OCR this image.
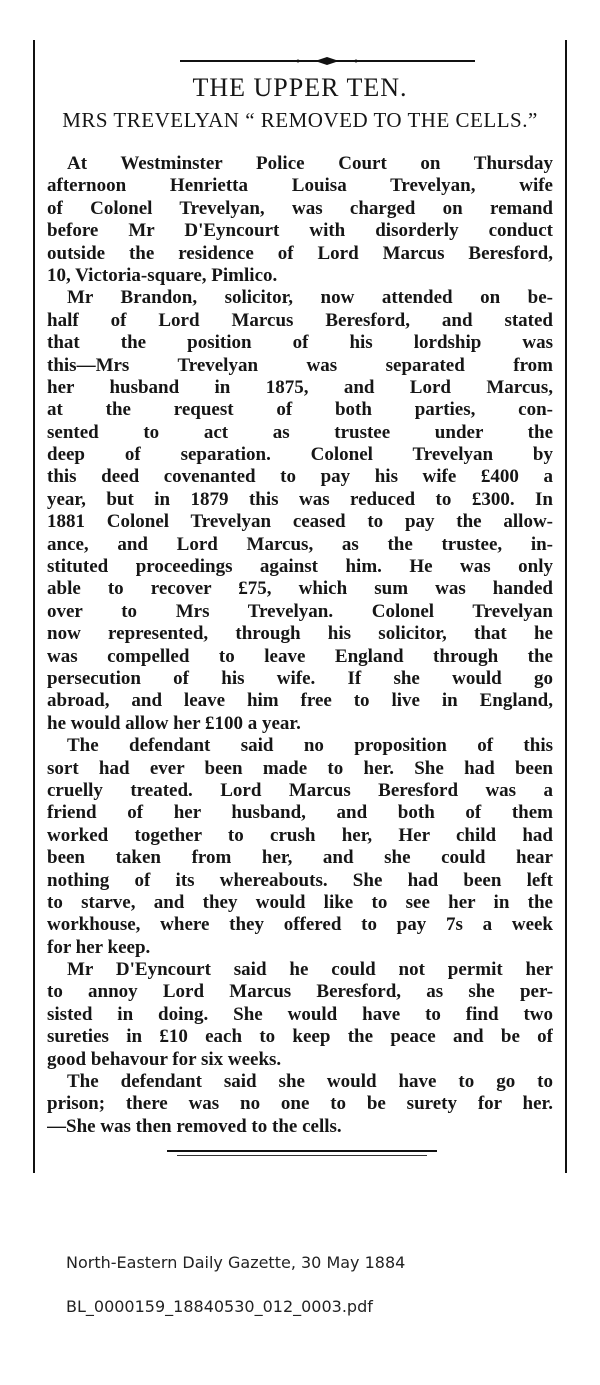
THE UPPER TEN.
MRS TREVELYAN “ REMOVED TO THE CELLS.”
At Westminster Police Court on Thursday
afternoon Henrietta Louisa Trevelyan, wife
of Colonel Trevelyan, was charged on remand
before Mr D'Eyncourt with disorderly conduct
outside the residence of Lord Marcus Beresford,
10, Victoria-square, Pimlico.
Mr Brandon, solicitor, now attended on be-
half of Lord Marcus Beresford, and stated
that the position of his lordship was
this—Mrs Trevelyan was separated from
her husband in 1875, and Lord Marcus,
at the request of both parties, con-
sented to act as trustee under the
deep of separation. Colonel Trevelyan by
this deed covenanted to pay his wife £400 a
year, but in 1879 this was reduced to £300. In
1881 Colonel Trevelyan ceased to pay the allow-
ance, and Lord Marcus, as the trustee, in-
stituted proceedings against him. He was only
able to recover £75, which sum was handed
over to Mrs Trevelyan. Colonel Trevelyan
now represented, through his solicitor, that he
was compelled to leave England through the
persecution of his wife. If she would go
abroad, and leave him free to live in England,
he would allow her £100 a year.
The defendant said no proposition of this
sort had ever been made to her. She had been
cruelly treated. Lord Marcus Beresford was a
friend of her husband, and both of them
worked together to crush her, Her child had
been taken from her, and she could hear
nothing of its whereabouts. She had been left
to starve, and they would like to see her in the
workhouse, where they offered to pay 7s a week
for her keep.
Mr D'Eyncourt said he could not permit her
to annoy Lord Marcus Beresford, as she per-
sisted in doing. She would have to find two
sureties in £10 each to keep the peace and be of
good behavour for six weeks.
The defendant said she would have to go to
prison; there was no one to be surety for her.
—She was then removed to the cells.
North-Eastern Daily Gazette, 30 May 1884
BL_0000159_18840530_012_0003.pdf
